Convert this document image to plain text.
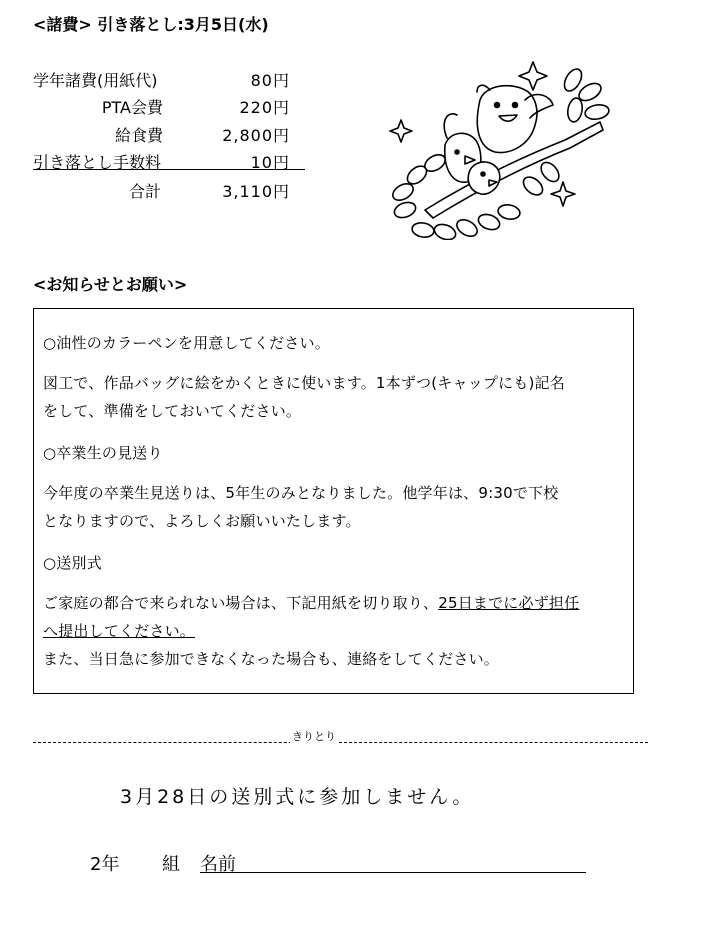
<諸費> 引き落とし:3月5日(水)
学年諸費(用紙代)	80円
PTA会費	220円
給食費	2,800円
引き落とし手数料	10円
合計	3,110円
<お知らせとお願い>
○油性のカラーペンを用意してください。
図工で、作品バッグに絵をかくときに使います。1本ずつ(キャップにも)記名
をして、準備をしておいてください。
○卒業生の見送り
今年度の卒業生見送りは、5年生のみとなりました。他学年は、9:30で下校
となりますので、よろしくお願いいたします。
○送別式
ご家庭の都合で来られない場合は、下記用紙を切り取り、25日までに必ず担任
へ提出してください。
また、当日急に参加できなくなった場合も、連絡をしてください。
きりとり
3月28日の送別式に参加しません。
2年 組 名前
